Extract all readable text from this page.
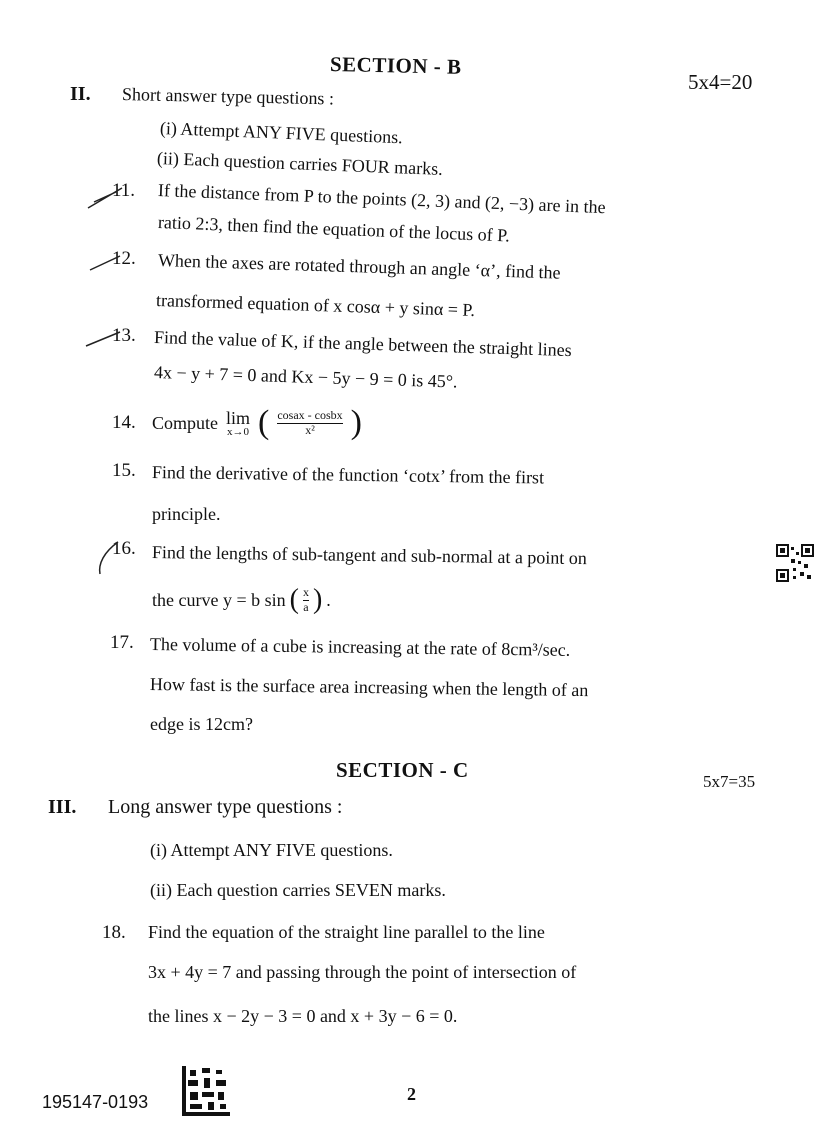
SECTION - B
5x4=20
II. Short answer type questions :
(i) Attempt ANY FIVE questions.
(ii) Each question carries FOUR marks.
11. If the distance from P to the points (2, 3) and (2, −3) are in the
ratio 2:3, then find the equation of the locus of P.
12. When the axes are rotated through an angle ‘α’, find the
transformed equation of x cosα + y sinα = P.
13. Find the value of K, if the angle between the straight lines
4x − y + 7 = 0 and Kx − 5y − 9 = 0 is 45°.
14. Compute lim
x→0 ( $\frac{\text{cosax - cosbx}}{\text{x²}}$ )
15. Find the derivative of the function ‘cotx’ from the first
principle.
16. Find the lengths of sub-tangent and sub-normal at a point on
the curve y = b sin ( $\frac{x}{a}$ ) .
17. The volume of a cube is increasing at the rate of 8cm³/sec.
How fast is the surface area increasing when the length of an
edge is 12cm?
SECTION - C	5x7=35
III. Long answer type questions :
(i) Attempt ANY FIVE questions.
(ii) Each question carries SEVEN marks.
18. Find the equation of the straight line parallel to the line
3x + 4y = 7 and passing through the point of intersection of
the lines x − 2y − 3 = 0 and x + 3y − 6 = 0.
195147-0193	2
